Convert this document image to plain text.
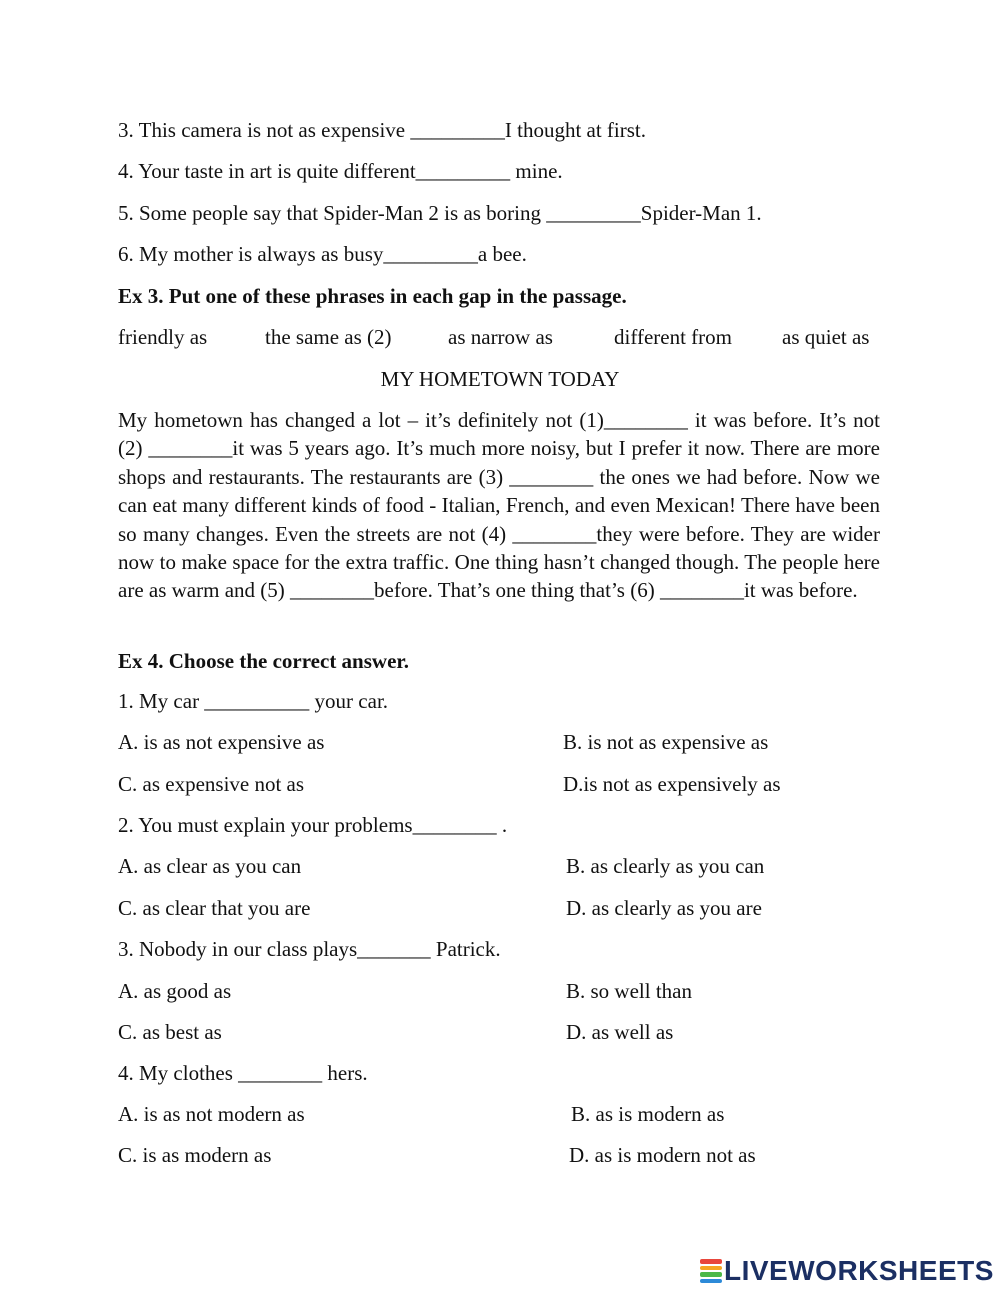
3. This camera is not as expensive _________I thought at first.
4. Your taste in art is quite different_________ mine.
5. Some people say that Spider-Man 2 is as boring _________Spider-Man 1.
6. My mother is always as busy_________a bee.
Ex 3. Put one of these phrases in each gap in the passage.
friendly as	the same as (2)	as narrow as	different from as quiet as
MY HOMETOWN TODAY
My hometown has changed a lot – it’s definitely not (1)________ it was before. It’s not (2) ________it was 5 years ago. It’s much more noisy, but I prefer it now. There are more shops and restaurants. The restaurants are (3) ________ the ones we had before. Now we can eat many different kinds of food - Italian, French, and even Mexican! There have been so many changes. Even the streets are not (4) ________they were before. They are wider now to make space for the extra traffic. One thing hasn’t changed though. The people here are as warm and (5) ________before. That’s one thing that’s (6) ________it was before.
Ex 4. Choose the correct answer.
1. My car __________ your car.
A. is as not expensive as	B. is not as expensive as
C. as expensive not as	D.is not as expensively as
2. You must explain your problems________ .
A. as clear as you can	B. as clearly as you can
C. as clear that you are	D. as clearly as you are
3. Nobody in our class plays_______ Patrick.
A. as good as	B. so well than
C. as best as	D. as well as
4. My clothes ________ hers.
A. is as not modern as	B. as is modern as
C. is as modern as	D. as is modern not as
LIVEWORKSHEETS
